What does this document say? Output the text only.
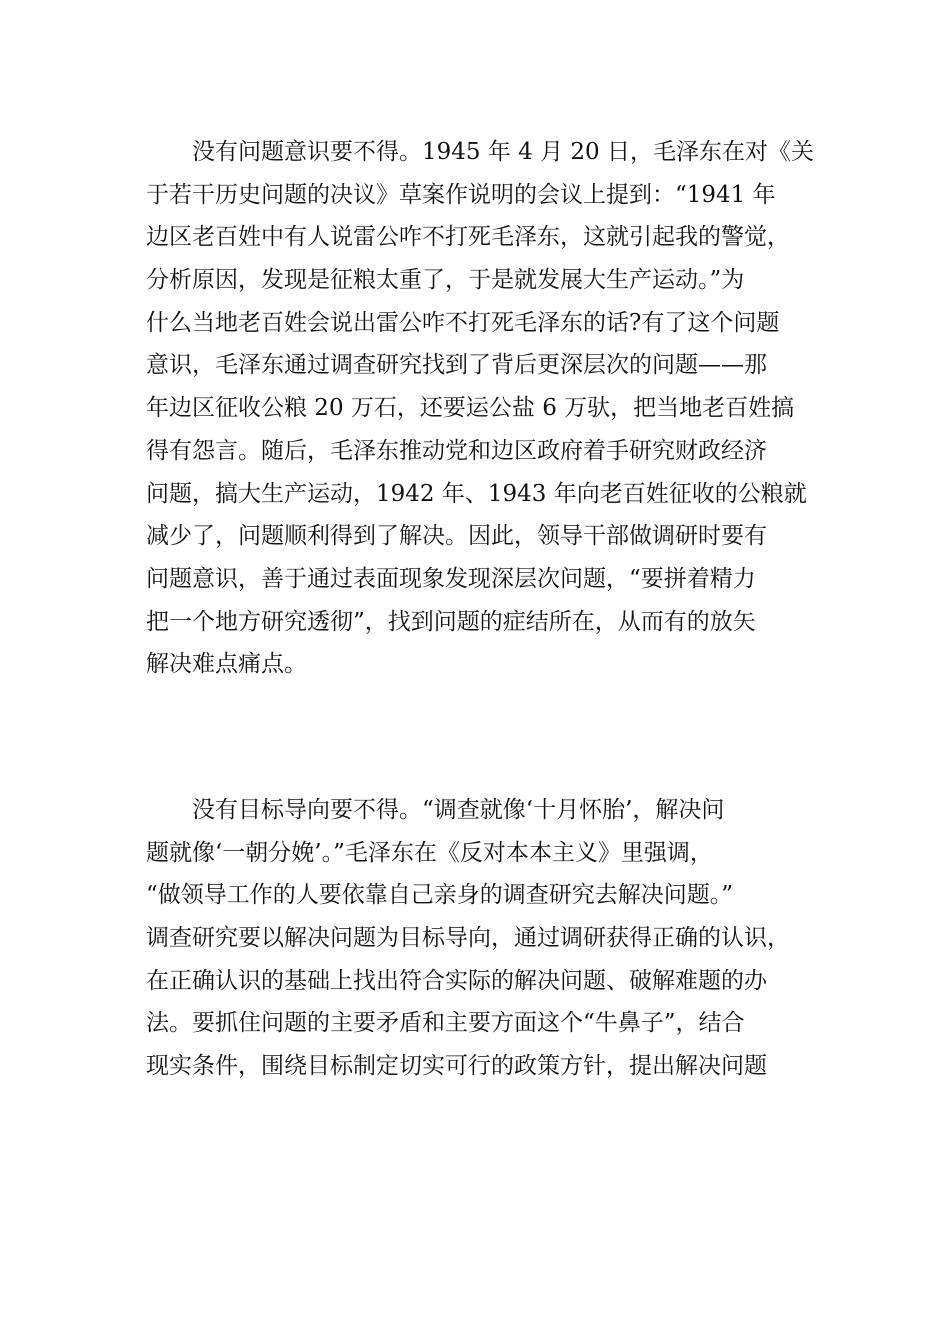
没有问题意识要不得。1945 年 4 月 20 日，毛泽东在对《关
于若干历史问题的决议》草案作说明的会议上提到：“1941 年
边区老百姓中有人说雷公咋不打死毛泽东，这就引起我的警觉，
分析原因，发现是征粮太重了，于是就发展大生产运动。”为
什么当地老百姓会说出雷公咋不打死毛泽东的话?有了这个问题
意识，毛泽东通过调查研究找到了背后更深层次的问题——那
年边区征收公粮 20 万石，还要运公盐 6 万驮，把当地老百姓搞
得有怨言。随后，毛泽东推动党和边区政府着手研究财政经济
问题，搞大生产运动，1942 年、1943 年向老百姓征收的公粮就
减少了，问题顺利得到了解决。因此，领导干部做调研时要有
问题意识，善于通过表面现象发现深层次问题，“要拼着精力
把一个地方研究透彻”，找到问题的症结所在，从而有的放矢
解决难点痛点。
没有目标导向要不得。“调查就像‘十月怀胎’，解决问
题就像‘一朝分娩’。”毛泽东在《反对本本主义》里强调，
“做领导工作的人要依靠自己亲身的调查研究去解决问题。”
调查研究要以解决问题为目标导向，通过调研获得正确的认识，
在正确认识的基础上找出符合实际的解决问题、破解难题的办
法。要抓住问题的主要矛盾和主要方面这个“牛鼻子”，结合
现实条件，围绕目标制定切实可行的政策方针，提出解决问题
